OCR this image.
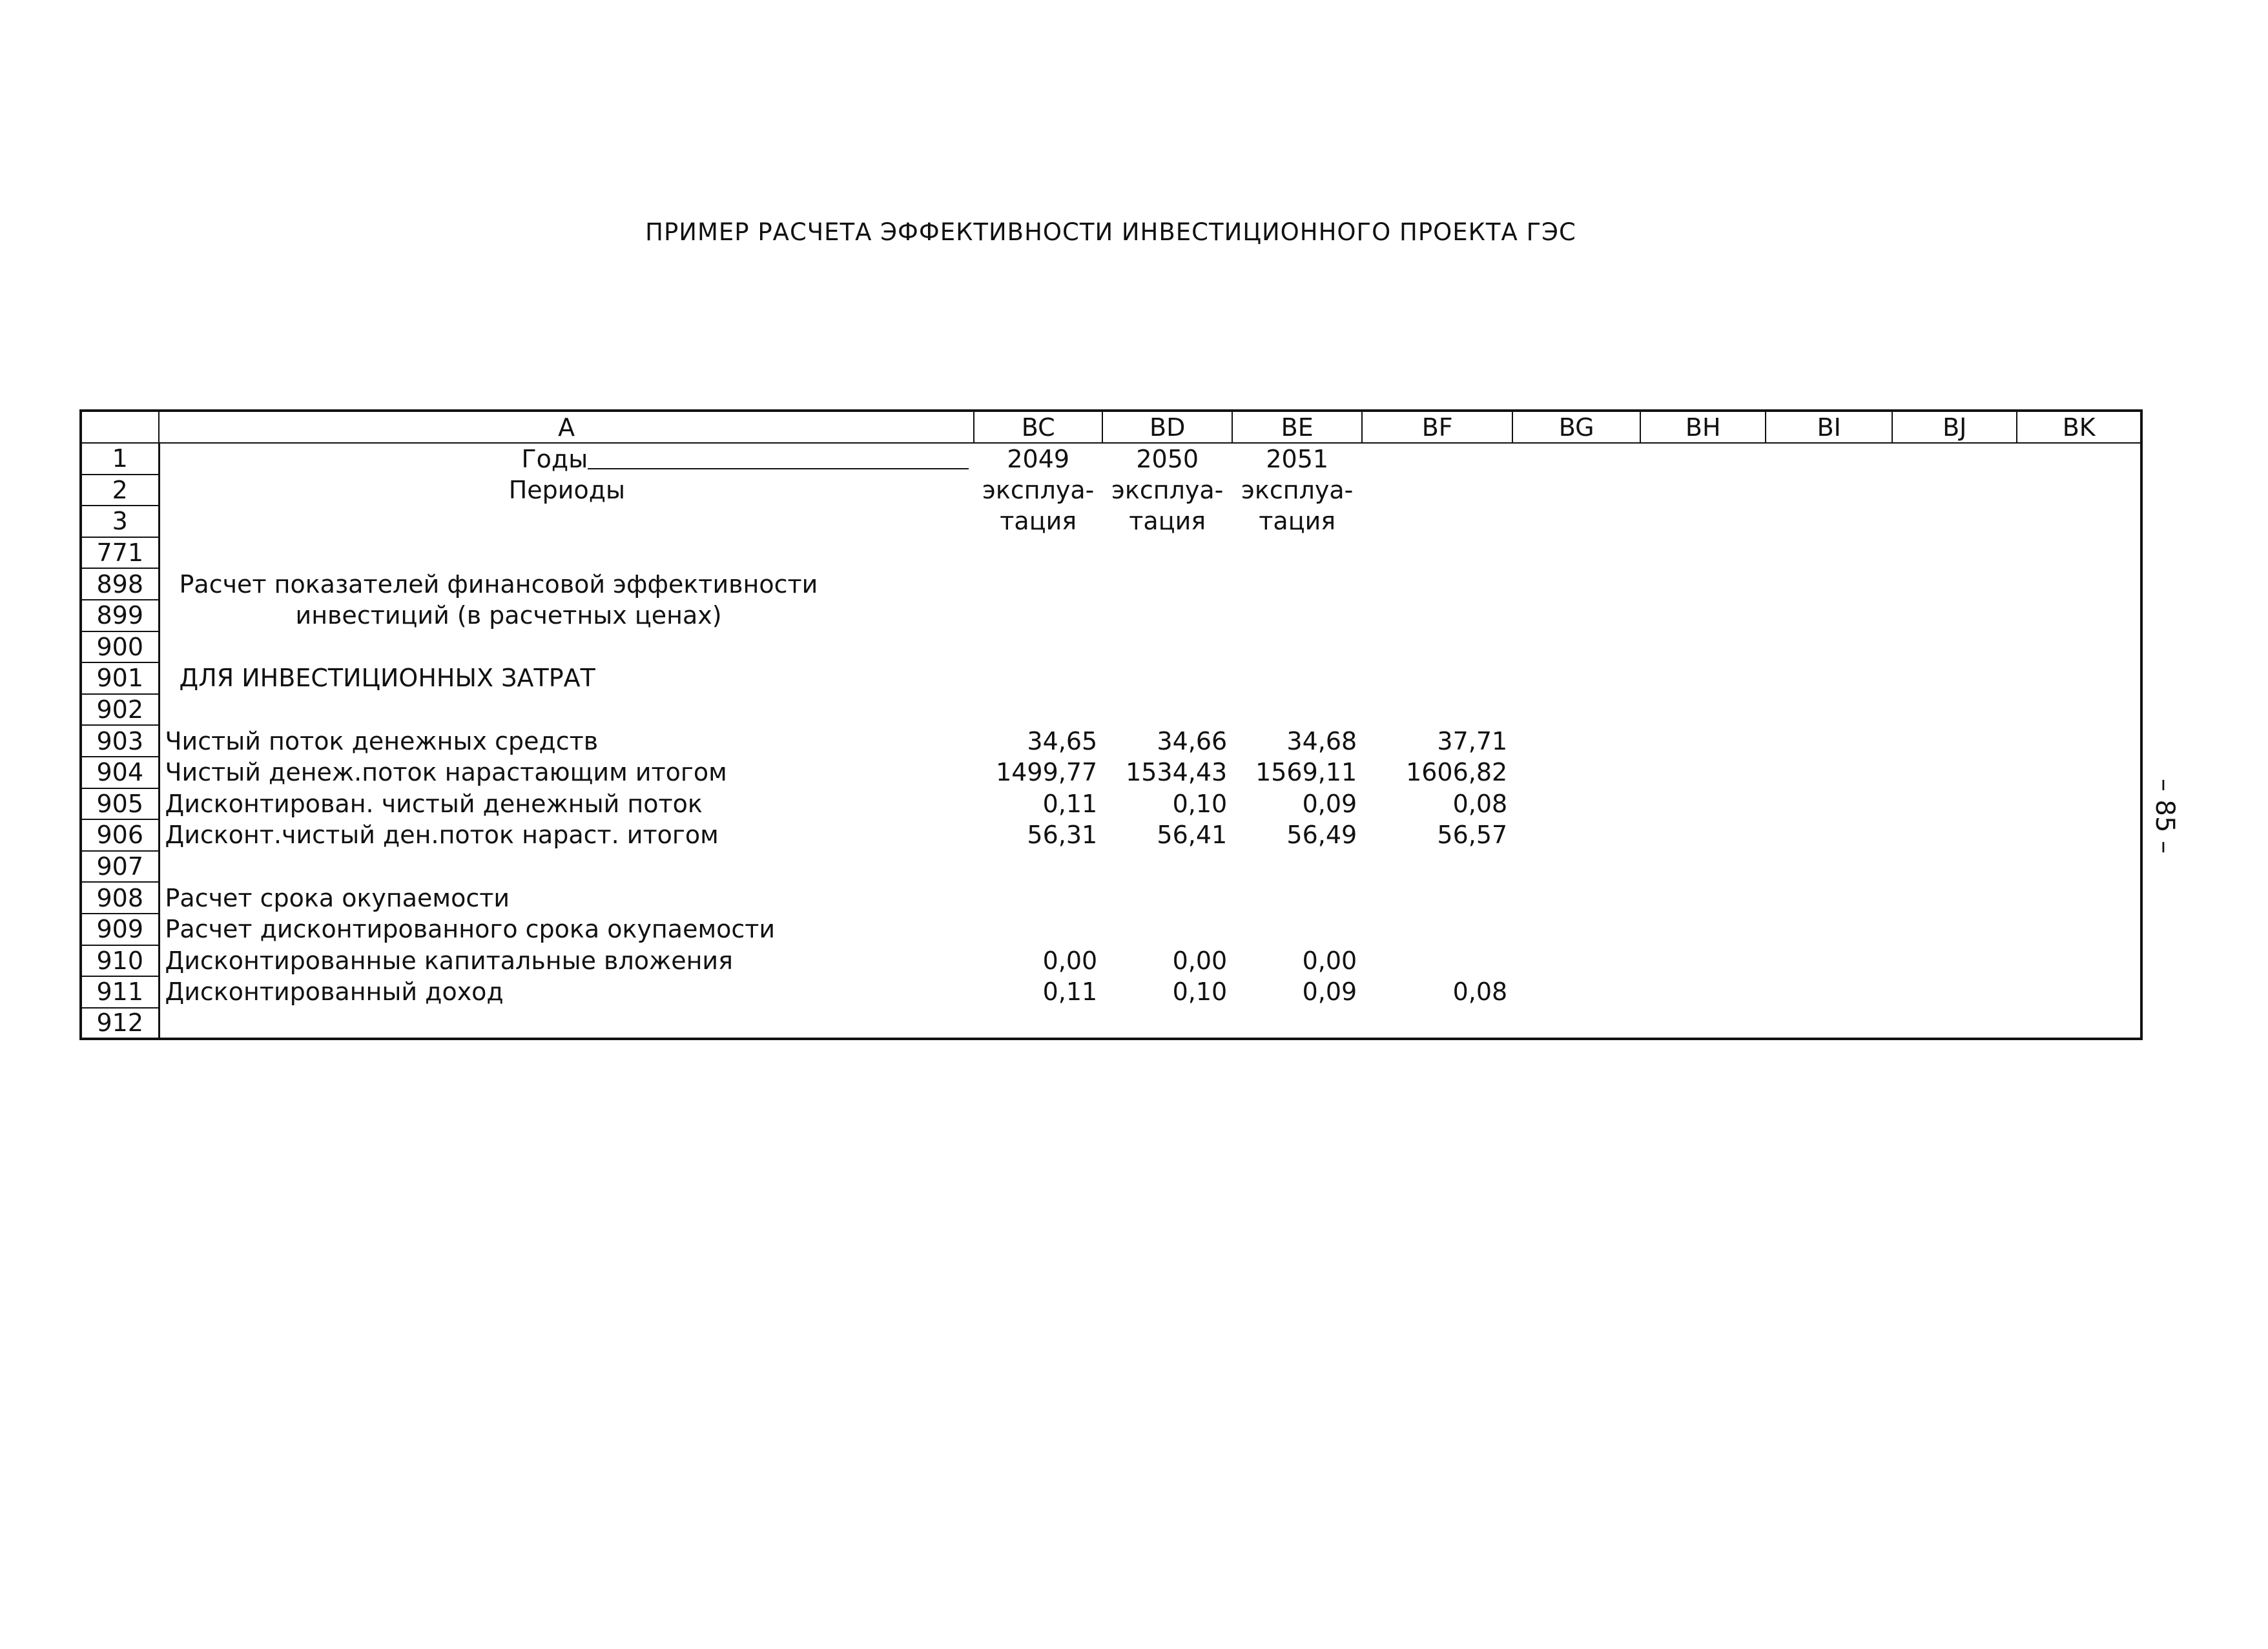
ПРИМЕР РАСЧЕТА ЭФФЕКТИВНОСТИ ИНВЕСТИЦИОННОГО ПРОЕКТА ГЭС
– 85 –
	A	BC	BD	BE	BF	BG	BH	BI	BJ	BK
1	Годы	2049	2050	2051						
2	Периоды	эксплуа-	эксплуа-	эксплуа-						
3		тация	тация	тация						
771										
898	Расчет показателей финансовой эффективности									
899	инвестиций (в расчетных ценах)									
900										
901	ДЛЯ ИНВЕСТИЦИОННЫХ ЗАТРАТ									
902										
903	Чистый поток денежных средств	34,65	34,66	34,68	37,71					
904	Чистый денеж.поток нарастающим итогом	1499,77	1534,43	1569,11	1606,82					
905	Дисконтирован. чистый денежный поток	0,11	0,10	0,09	0,08					
906	Дисконт.чистый ден.поток нараст. итогом	56,31	56,41	56,49	56,57					
907										
908	Расчет срока окупаемости									
909	Расчет дисконтированного срока окупаемости									
910	Дисконтированные капитальные вложения	0,00	0,00	0,00						
911	Дисконтированный доход	0,11	0,10	0,09	0,08					
912										
